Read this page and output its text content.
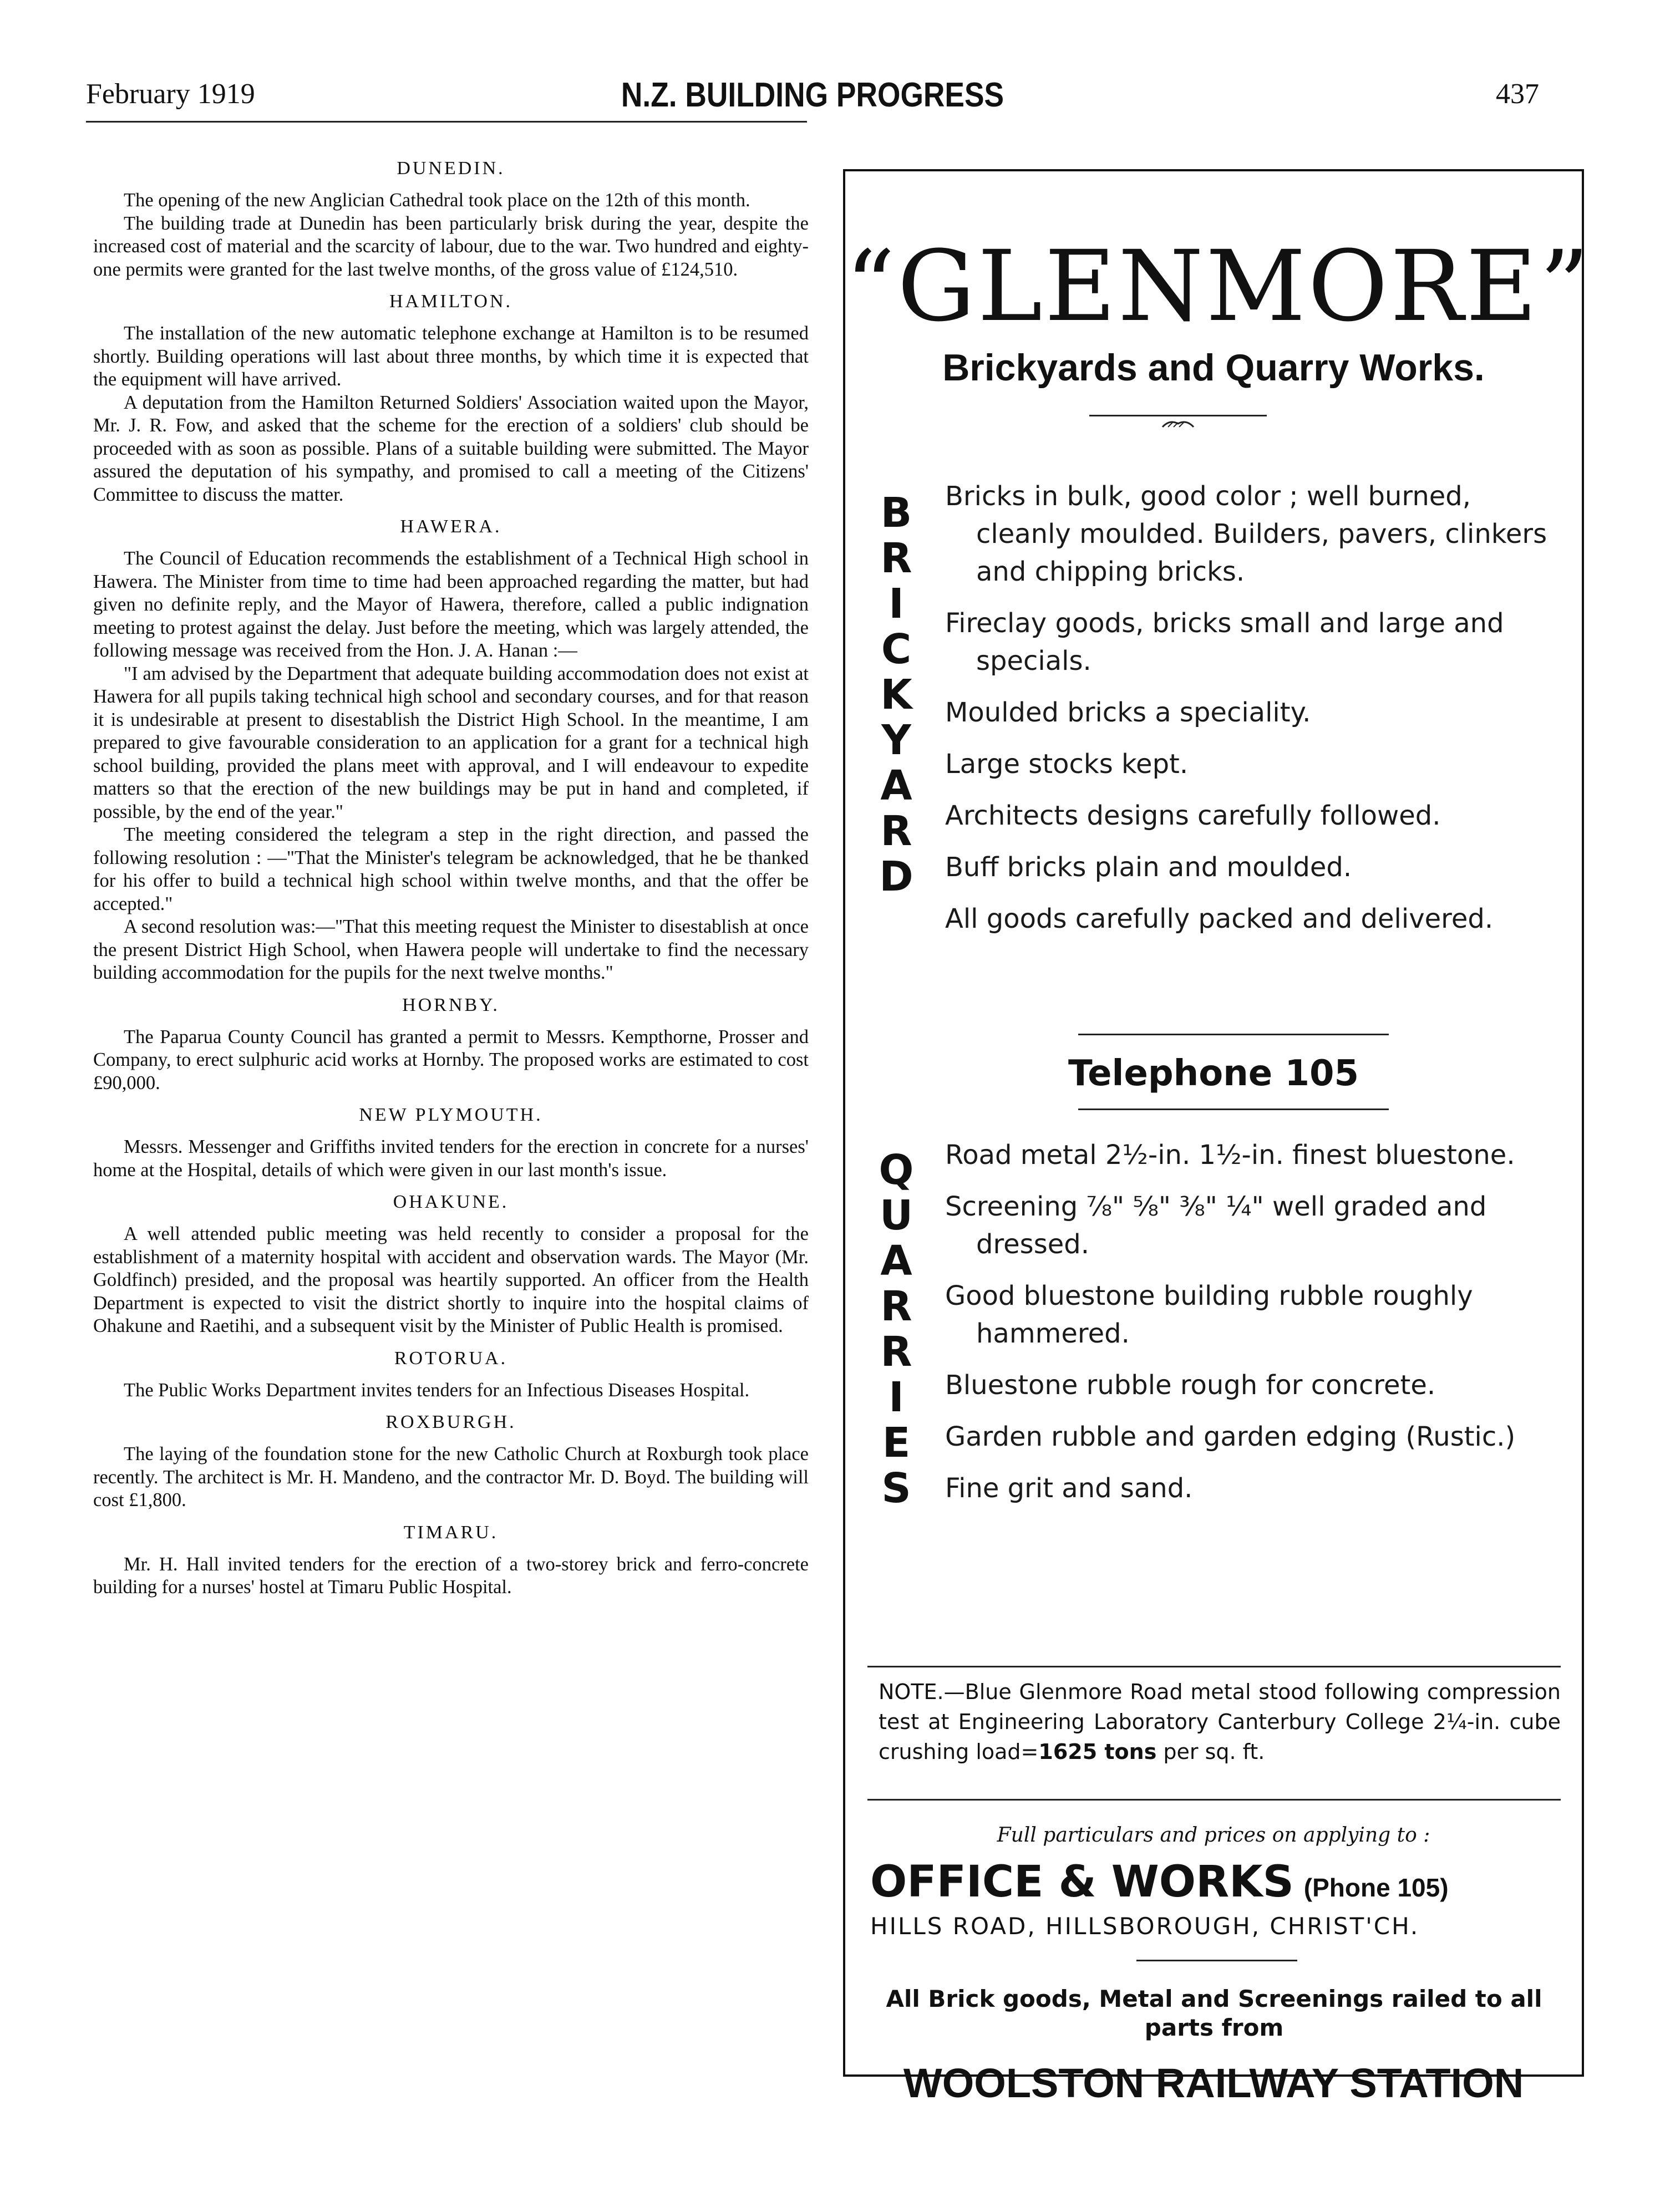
February 1919	N.Z. BUILDING PROGRESS	437
DUNEDIN.

The opening of the new Anglician Cathedral took place on the 12th of this month.

The building trade at Dunedin has been particularly brisk during the year, despite the increased cost of material and the scarcity of labour, due to the war. Two hundred and eighty-one permits were granted for the last twelve months, of the gross value of £124,510.

HAMILTON.

The installation of the new automatic telephone exchange at Hamilton is to be resumed shortly. Building operations will last about three months, by which time it is expected that the equipment will have arrived.

A deputation from the Hamilton Returned Soldiers' Association waited upon the Mayor, Mr. J. R. Fow, and asked that the scheme for the erection of a soldiers' club should be proceeded with as soon as possible. Plans of a suitable building were submitted. The Mayor assured the deputation of his sympathy, and promised to call a meeting of the Citizens' Committee to discuss the matter.

HAWERA.

The Council of Education recommends the establishment of a Technical High school in Hawera. The Minister from time to time had been approached regarding the matter, but had given no definite reply, and the Mayor of Hawera, therefore, called a public indignation meeting to protest against the delay. Just before the meeting, which was largely attended, the following message was received from the Hon. J. A. Hanan :—

"I am advised by the Department that adequate building accommodation does not exist at Hawera for all pupils taking technical high school and secondary courses, and for that reason it is undesirable at present to disestablish the District High School. In the meantime, I am prepared to give favourable consideration to an application for a grant for a technical high school building, provided the plans meet with approval, and I will endeavour to expedite matters so that the erection of the new buildings may be put in hand and completed, if possible, by the end of the year."

The meeting considered the telegram a step in the right direction, and passed the following resolution : —"That the Minister's telegram be acknowledged, that he be thanked for his offer to build a technical high school within twelve months, and that the offer be accepted."

A second resolution was:—"That this meeting request the Minister to disestablish at once the present District High School, when Hawera people will undertake to find the necessary building accommodation for the pupils for the next twelve months."

HORNBY.

The Paparua County Council has granted a permit to Messrs. Kempthorne, Prosser and Company, to erect sulphuric acid works at Hornby. The proposed works are estimated to cost £90,000.

NEW PLYMOUTH.

Messrs. Messenger and Griffiths invited tenders for the erection in concrete for a nurses' home at the Hospital, details of which were given in our last month's issue.

OHAKUNE.

A well attended public meeting was held recently to consider a proposal for the establishment of a maternity hospital with accident and observation wards. The Mayor (Mr. Goldfinch) presided, and the proposal was heartily supported. An officer from the Health Department is expected to visit the district shortly to inquire into the hospital claims of Ohakune and Raetihi, and a subsequent visit by the Minister of Public Health is promised.

ROTORUA.

The Public Works Department invites tenders for an Infectious Diseases Hospital.

ROXBURGH.

The laying of the foundation stone for the new Catholic Church at Roxburgh took place recently. The architect is Mr. H. Mandeno, and the contractor Mr. D. Boyd. The building will cost £1,800.

TIMARU.

Mr. H. Hall invited tenders for the erection of a two-storey brick and ferro-concrete building for a nurses' hostel at Timaru Public Hospital.

“GLENMORE”
Brickyards and Quarry Works.
B
R
I
C
K
Y
A
R
D
Bricks in bulk, good color ; well burned, cleanly moulded. Builders, pavers, clinkers and chipping bricks.
Fireclay goods, bricks small and large and specials.
Moulded bricks a speciality.
Large stocks kept.
Architects designs carefully followed.
Buff bricks plain and moulded.
All goods carefully packed and delivered.
Telephone 105
Q
U
A
R
R
I
E
S
Road metal 2½-in. 1½-in. finest bluestone.
Screening ⅞" ⅝" ⅜" ¼" well graded and dressed.
Good bluestone building rubble roughly hammered.
Bluestone rubble rough for concrete.
Garden rubble and garden edging (Rustic.)
Fine grit and sand.
NOTE.—Blue Glenmore Road metal stood following compression test at Engineering Laboratory Canterbury College 2¼-in. cube crushing load=1625 tons per sq. ft.
Full particulars and prices on applying to :
OFFICE & WORKS (Phone 105)
HILLS ROAD, HILLSBOROUGH, CHRIST'CH.
All Brick goods, Metal and Screenings railed to all parts from
WOOLSTON RAILWAY STATION
